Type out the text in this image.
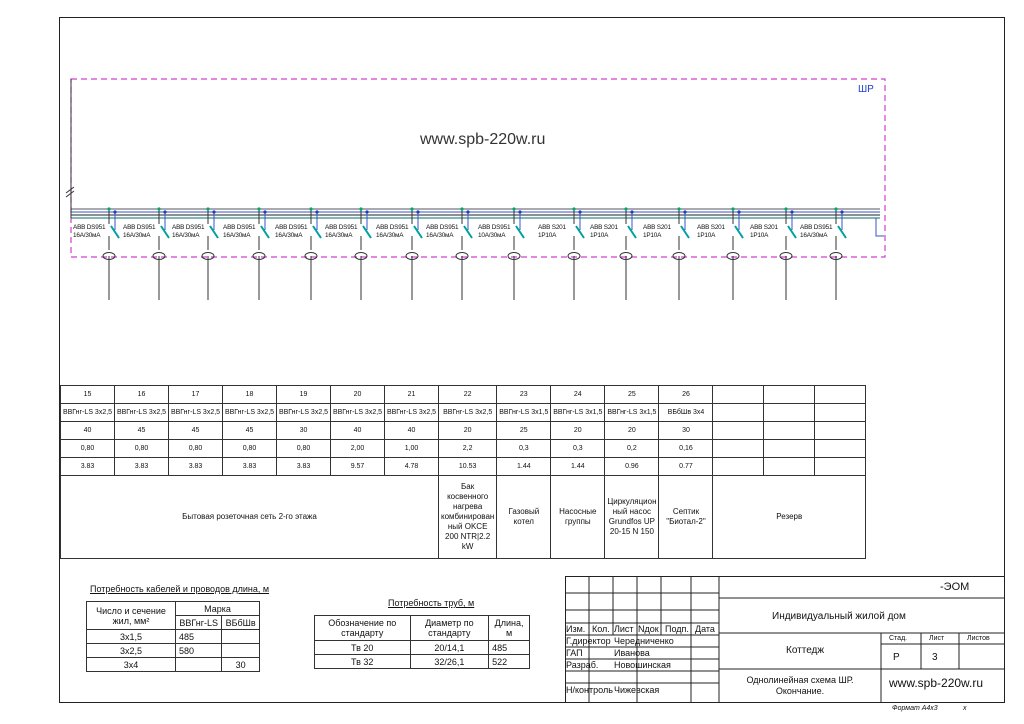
ШР
www.spb-220w.ru
ABB DS951
16A/30мA
ABB DS951
16A/30мA
ABB DS951
16A/30мA
ABB DS951
16A/30мA
ABB DS951
16A/30мA
ABB DS951
16A/30мA
ABB DS951
16A/30мA
ABB DS951
16A/30мA
ABB DS951
10A/30мA
ABB S201
1P10A
ABB S201
1P10A
ABB S201
1P10A
ABB S201
1P10A
ABB S201
1P10A
ABB DS951
16A/30мA
15	16	17	18	19	20	21	22	23	24	25	26			
ВВГнг-LS 3x2,5	ВВГнг-LS 3x2,5	ВВГнг-LS 3x2,5	ВВГнг-LS 3x2,5	ВВГнг-LS 3x2,5	ВВГнг-LS 3x2,5	ВВГнг-LS 3x2,5	ВВГнг-LS 3x2,5	ВВГнг-LS 3x1,5	ВВГнг-LS 3x1,5	ВВГнг-LS 3x1,5	ВБбШв 3x4			
40	45	45	45	30	40	40	20	25	20	20	30			
0,80	0,80	0,80	0,80	0,80	2,00	1,00	2,2	0,3	0,3	0,2	0,16			
3.83	3.83	3.83	3.83	3.83	9.57	4.78	10.53	1.44	1.44	0.96	0.77			
Бытовая розеточная сеть 2-го этажа							Бак косвенного нагрева комбинирован ный OKCE 200 NTR|2.2 kW	Газовый котел	Насосные группы	Циркуляцион ный насос Grundfos UP 20-15 N 150	Септик "Биотал-2"	Резерв		
Потребность кабелей и проводов длина, м
Число и сечение жил, мм²	Марка	
	ВВГнг-LS	ВБбШв
3x1,5	485	
3x2,5	580	
3x4		30
Потребность труб, м
Обозначение по стандарту	Диаметр по стандарту	Длина, м
Тв 20	20/14,1	485
Тв 32	32/26,1	522
-ЭОМ
Индивидуальный жилой дом
Коттедж
Однолинейная схема ШР. Окончание.
www.spb-220w.ru
Стад.	Лист	Листов
Р	3
Изм. Кол. Лист Nдок Подп. Дата
Г.директор Чередниченко
ГАП	Иванова
Разраб. Новошинская
Н/контроль Чижевская
Формат А4x3	x
